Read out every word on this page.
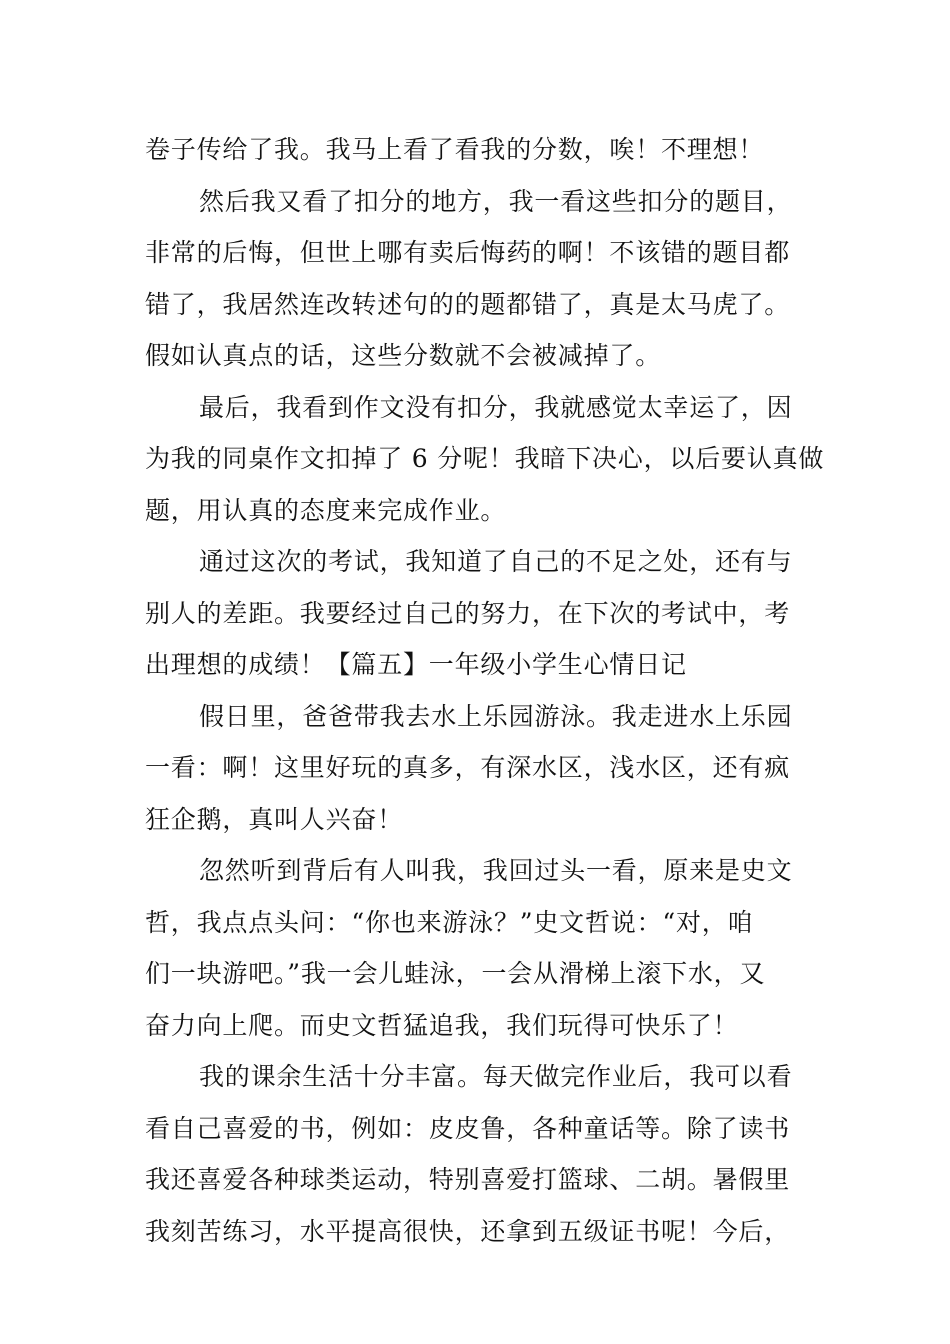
卷子传给了我。我马上看了看我的分数，唉！不理想！
然后我又看了扣分的地方，我一看这些扣分的题目，
非常的后悔，但世上哪有卖后悔药的啊！不该错的题目都
错了，我居然连改转述句的的题都错了，真是太马虎了。
假如认真点的话，这些分数就不会被减掉了。
最后，我看到作文没有扣分，我就感觉太幸运了，因
为我的同桌作文扣掉了 6 分呢！我暗下决心，以后要认真做
题，用认真的态度来完成作业。
通过这次的考试，我知道了自己的不足之处，还有与
别人的差距。我要经过自己的努力，在下次的考试中，考
出理想的成绩！【篇五】一年级小学生心情日记
假日里，爸爸带我去水上乐园游泳。我走进水上乐园
一看：啊！这里好玩的真多，有深水区，浅水区，还有疯
狂企鹅，真叫人兴奋！
忽然听到背后有人叫我，我回过头一看，原来是史文
哲，我点点头问：“你也来游泳？”史文哲说：“对，咱
们一块游吧。”我一会儿蛙泳，一会从滑梯上滚下水，又
奋力向上爬。而史文哲猛追我，我们玩得可快乐了！
我的课余生活十分丰富。每天做完作业后，我可以看
看自己喜爱的书，例如：皮皮鲁，各种童话等。除了读书
我还喜爱各种球类运动，特别喜爱打篮球、二胡。暑假里
我刻苦练习，水平提高很快，还拿到五级证书呢！今后，
